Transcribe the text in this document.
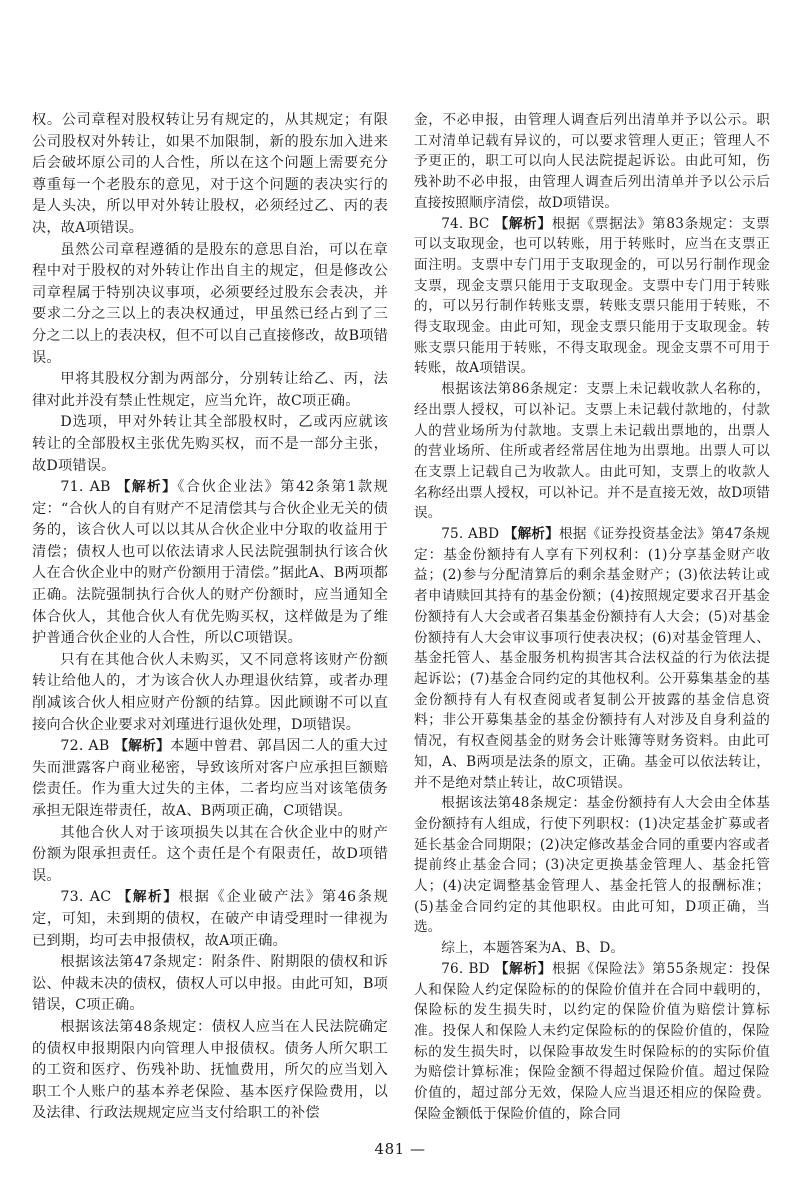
权。公司章程对股权转让另有规定的，从其规定；有限公司股权对外转让，如果不加限制，新的股东加入进来后会破坏原公司的人合性，所以在这个问题上需要充分尊重每一个老股东的意见，对于这个问题的表决实行的是人头决，所以甲对外转让股权，必须经过乙、丙的表决，故A项错误。

虽然公司章程遵循的是股东的意思自治，可以在章程中对于股权的对外转让作出自主的规定，但是修改公司章程属于特别决议事项，必须要经过股东会表决，并要求二分之三以上的表决权通过，甲虽然已经占到了三分之二以上的表决权，但不可以自己直接修改，故B项错误。

甲将其股权分割为两部分，分别转让给乙、丙，法律对此并没有禁止性规定，应当允许，故C项正确。

D选项，甲对外转让其全部股权时，乙或丙应就该转让的全部股权主张优先购买权，而不是一部分主张，故D项错误。

71. AB 【解析】《合伙企业法》第42条第1款规定：“合伙人的自有财产不足清偿其与合伙企业无关的债务的，该合伙人可以以其从合伙企业中分取的收益用于清偿；债权人也可以依法请求人民法院强制执行该合伙人在合伙企业中的财产份额用于清偿。”据此A、B两项都正确。法院强制执行合伙人的财产份额时，应当通知全体合伙人，其他合伙人有优先购买权，这样做是为了维护普通合伙企业的人合性，所以C项错误。

只有在其他合伙人未购买，又不同意将该财产份额转让给他人的，才为该合伙人办理退伙结算，或者办理削减该合伙人相应财产份额的结算。因此顾谢不可以直接向合伙企业要求对刘瑾进行退伙处理，D项错误。

72. AB 【解析】本题中曾君、郭昌因二人的重大过失而泄露客户商业秘密，导致该所对客户应承担巨额赔偿责任。作为重大过失的主体，二者均应当对该笔债务承担无限连带责任，故A、B两项正确，C项错误。

其他合伙人对于该项损失以其在合伙企业中的财产份额为限承担责任。这个责任是个有限责任，故D项错误。

73. AC 【解析】根据《企业破产法》第46条规定，可知，未到期的债权，在破产申请受理时一律视为已到期，均可去申报债权，故A项正确。

根据该法第47条规定：附条件、附期限的债权和诉讼、仲裁未决的债权，债权人可以申报。由此可知，B项错误，C项正确。

根据该法第48条规定：债权人应当在人民法院确定的债权申报期限内向管理人申报债权。债务人所欠职工的工资和医疗、伤残补助、抚恤费用，所欠的应当划入职工个人账户的基本养老保险、基本医疗保险费用，以及法律、行政法规规定应当支付给职工的补偿

金，不必申报，由管理人调查后列出清单并予以公示。职工对清单记载有异议的，可以要求管理人更正；管理人不予更正的，职工可以向人民法院提起诉讼。由此可知，伤残补助不必申报，由管理人调查后列出清单并予以公示后直接按照顺序清偿，故D项错误。

74. BC 【解析】根据《票据法》第83条规定：支票可以支取现金，也可以转账，用于转账时，应当在支票正面注明。支票中专门用于支取现金的，可以另行制作现金支票，现金支票只能用于支取现金。支票中专门用于转账的，可以另行制作转账支票，转账支票只能用于转账，不得支取现金。由此可知，现金支票只能用于支取现金。转账支票只能用于转账，不得支取现金。现金支票不可用于转账，故A项错误。

根据该法第86条规定：支票上未记载收款人名称的，经出票人授权，可以补记。支票上未记载付款地的，付款人的营业场所为付款地。支票上未记载出票地的，出票人的营业场所、住所或者经常居住地为出票地。出票人可以在支票上记载自己为收款人。由此可知，支票上的收款人名称经出票人授权，可以补记。并不是直接无效，故D项错误。

75. ABD 【解析】根据《证券投资基金法》第47条规定：基金份额持有人享有下列权利：(1)分享基金财产收益；(2)参与分配清算后的剩余基金财产；(3)依法转让或者申请赎回其持有的基金份额；(4)按照规定要求召开基金份额持有人大会或者召集基金份额持有人大会；(5)对基金份额持有人大会审议事项行使表决权；(6)对基金管理人、基金托管人、基金服务机构损害其合法权益的行为依法提起诉讼；(7)基金合同约定的其他权利。公开募集基金的基金份额持有人有权查阅或者复制公开披露的基金信息资料；非公开募集基金的基金份额持有人对涉及自身利益的情况，有权查阅基金的财务会计账簿等财务资料。由此可知，A、B两项是法条的原文，正确。基金可以依法转让，并不是绝对禁止转让，故C项错误。

根据该法第48条规定：基金份额持有人大会由全体基金份额持有人组成，行使下列职权：(1)决定基金扩募或者延长基金合同期限；(2)决定修改基金合同的重要内容或者提前终止基金合同；(3)决定更换基金管理人、基金托管人；(4)决定调整基金管理人、基金托管人的报酬标准；(5)基金合同约定的其他职权。由此可知，D项正确，当选。

综上，本题答案为A、B、D。

76. BD 【解析】根据《保险法》第55条规定：投保人和保险人约定保险标的的保险价值并在合同中载明的，保险标的发生损失时，以约定的保险价值为赔偿计算标准。投保人和保险人未约定保险标的的保险价值的，保险标的发生损失时，以保险事故发生时保险标的的实际价值为赔偿计算标准；保险金额不得超过保险价值。超过保险价值的，超过部分无效，保险人应当退还相应的保险费。保险金额低于保险价值的，除合同

481 —
